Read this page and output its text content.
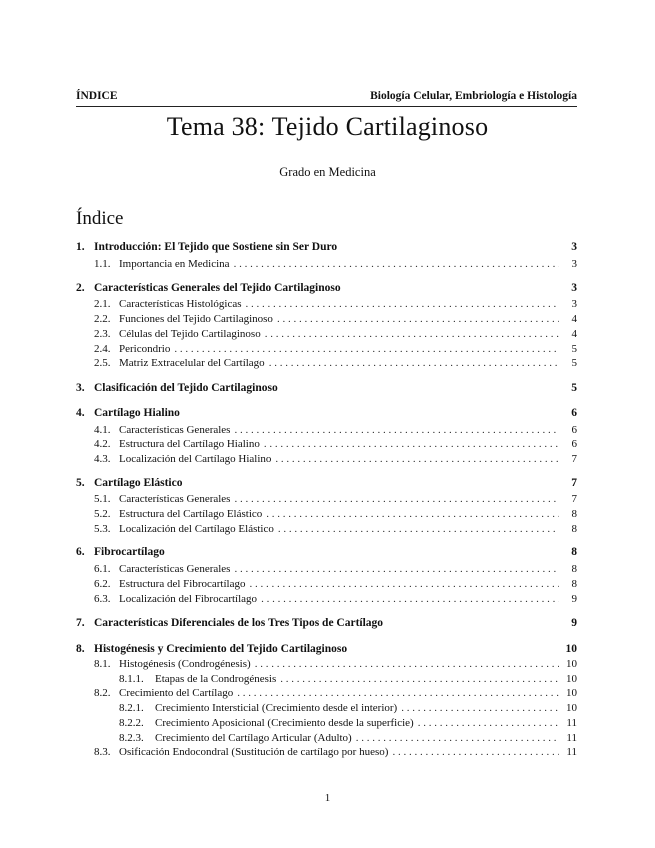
ÍNDICE	Biología Celular, Embriología e Histología
Tema 38: Tejido Cartilaginoso
Grado en Medicina
Índice
1. Introducción: El Tejido que Sostiene sin Ser Duro	3
1.1. Importancia en Medicina . . .	3
2. Características Generales del Tejido Cartilaginoso	3
2.1. Características Histológicas . . .	3
2.2. Funciones del Tejido Cartilaginoso . . .	4
2.3. Células del Tejido Cartilaginoso . . .	4
2.4. Pericondrio . . .	5
2.5. Matriz Extracelular del Cartílago . . .	5
3. Clasificación del Tejido Cartilaginoso	5
4. Cartílago Hialino	6
4.1. Características Generales . . .	6
4.2. Estructura del Cartílago Hialino . . .	6
4.3. Localización del Cartílago Hialino . . .	7
5. Cartílago Elástico	7
5.1. Características Generales . . .	7
5.2. Estructura del Cartílago Elástico . . .	8
5.3. Localización del Cartílago Elástico . . .	8
6. Fibrocartílago	8
6.1. Características Generales . . .	8
6.2. Estructura del Fibrocartílago . . .	8
6.3. Localización del Fibrocartílago . . .	9
7. Características Diferenciales de los Tres Tipos de Cartílago	9
8. Histogénesis y Crecimiento del Tejido Cartilaginoso	10
8.1. Histogénesis (Condrogénesis) . . .	10
8.1.1.	Etapas de la Condrogénesis . . .	10
8.2. Crecimiento del Cartílago . . .	10
8.2.1.	Crecimiento Intersticial (Crecimiento desde el interior) . . .	10
8.2.2.	Crecimiento Aposicional (Crecimiento desde la superficie) . . .	11
8.2.3.	Crecimiento del Cartílago Articular (Adulto) . . .	11
8.3. Osificación Endocondral (Sustitución de cartílago por hueso) . . .	11
1
